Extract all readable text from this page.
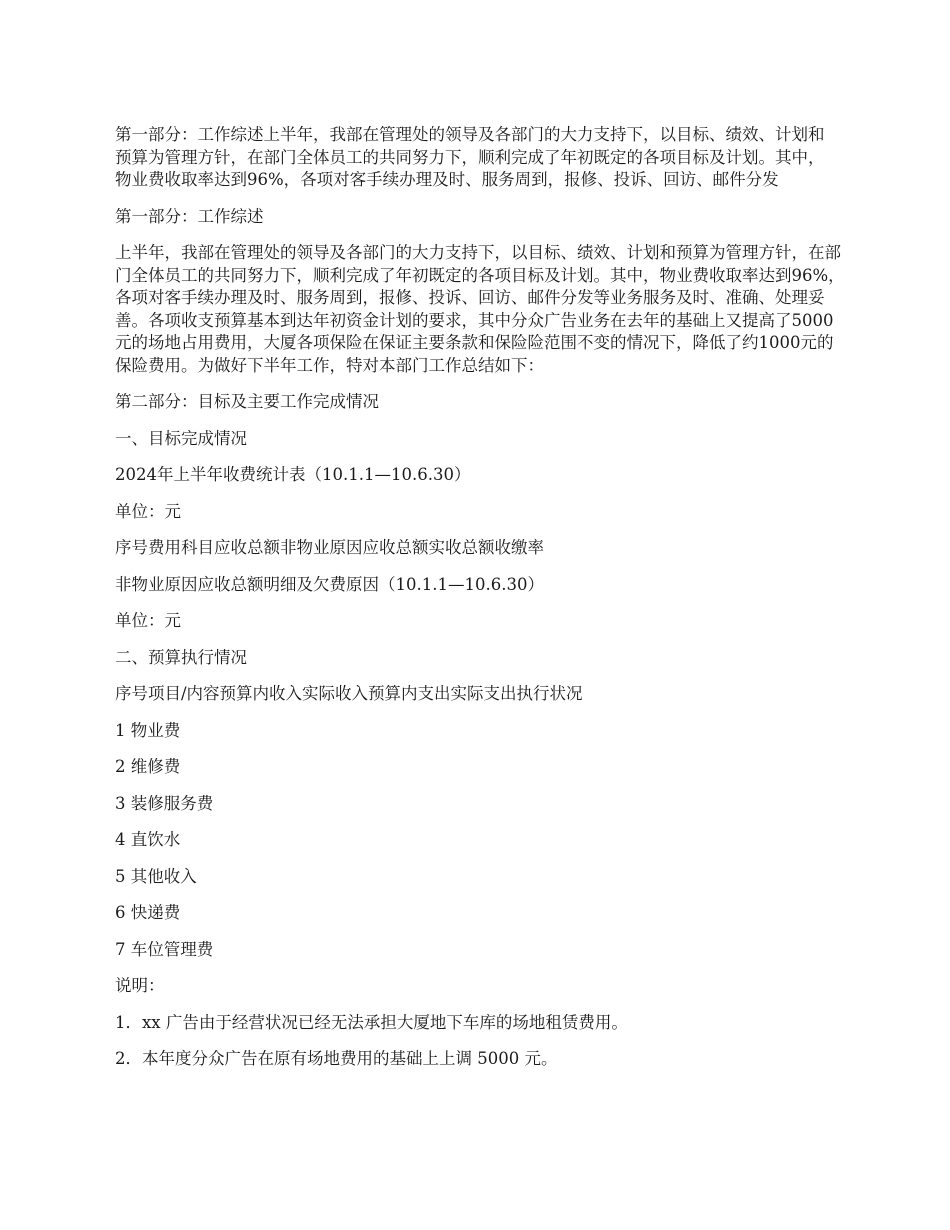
第一部分：工作综述上半年，我部在管理处的领导及各部门的大力支持下，以目标、绩效、计划和预算为管理方针，在部门全体员工的共同努力下，顺利完成了年初既定的各项目标及计划。其中，物业费收取率达到96%，各项对客手续办理及时、服务周到，报修、投诉、回访、邮件分发

第一部分：工作综述

上半年，我部在管理处的领导及各部门的大力支持下，以目标、绩效、计划和预算为管理方针，在部门全体员工的共同努力下，顺利完成了年初既定的各项目标及计划。其中，物业费收取率达到96%，各项对客手续办理及时、服务周到，报修、投诉、回访、邮件分发等业务服务及时、准确、处理妥善。各项收支预算基本到达年初资金计划的要求，其中分众广告业务在去年的基础上又提高了5000元的场地占用费用，大厦各项保险在保证主要条款和保险险范围不变的情况下，降低了约1000元的保险费用。为做好下半年工作，特对本部门工作总结如下：

第二部分：目标及主要工作完成情况

一、目标完成情况

2024年上半年收费统计表（10.1.1—10.6.30）

单位：元

序号费用科目应收总额非物业原因应收总额实收总额收缴率

非物业原因应收总额明细及欠费原因（10.1.1—10.6.30）

单位：元

二、预算执行情况

序号项目/内容预算内收入实际收入预算内支出实际支出执行状况

1 物业费

2 维修费

3 装修服务费

4 直饮水

5 其他收入

6 快递费

7 车位管理费

说明：

1．xx 广告由于经营状况已经无法承担大厦地下车库的场地租赁费用。

2．本年度分众广告在原有场地费用的基础上上调 5000 元。
